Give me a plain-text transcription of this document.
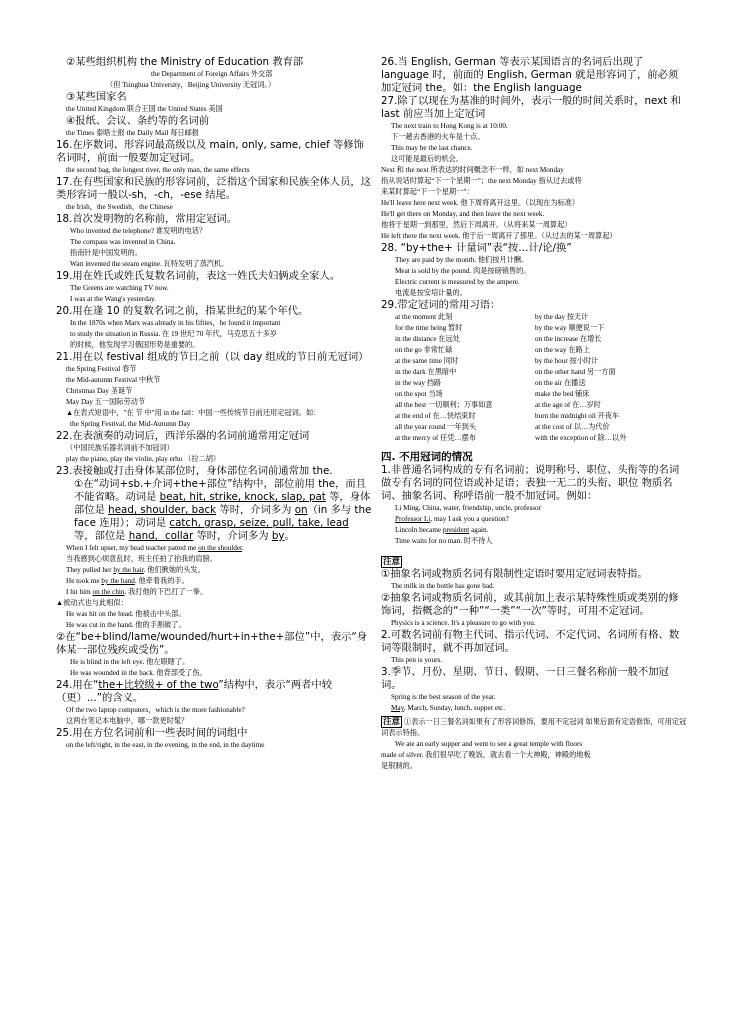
②某些组织机构 the Ministry of Education 教育部
the Department of Foreign Affairs 外交部
（但 Tsinghua University，Beijing University 无冠词。）
③某些国家名
the United Kingdom 联合王国 the United States 美国
④报纸、会议、条约等的名词前
the Times 泰晤士报 the Daily Mail 每日邮报
16.在序数词、形容词最高级以及 main, only, same, chief 等修饰名词时，前面一般要加定冠词。
the second bag, the longest river, the only man, the same effects
17.在有些国家和民族的形容词前，泛指这个国家和民族全体人员，这类形容词一般以-sh，-ch，-ese 结尾。
the Irish，the Swedish，the Chinese
18.首次发明物的名称前，常用定冠词。
Who invented the telephone? 谁发明的电话？
The compass was invented in China.
指南针是中国发明的。
Watt invented the steam engine. 瓦特发明了蒸汽机。
19.用在姓氏或姓氏复数名词前，表这一姓氏夫妇俩或全家人。
The Greens are watching TV now.
I was at the Wang's yesterday.
20.用在逢 10 的复数名词之前，指某世纪的某个年代。
In the 1870s when Marx was already in his fifties，he found it important
to study the situation in Russia. 在 19 世纪 70 年代，马克思五十多岁
的时候，他发现学习俄国形势是重要的。
21.用在以 festival 组成的节日之前（以 day 组成的节日前无冠词）
the Spring Festival 春节
the Mid-autumn Festival 中秋节
Christmas Day 圣诞节
May Day 五一国际劳动节
▲在表式短语中，"在 节 中"用 in the fall：中国一些传统节日前还用定冠词。如：
the Spring Festival, the Mid-Autumn Day
22.在表演奏的动词后，西洋乐器的名词前通常用定冠词
（中国民族乐器名词前不加冠词）
play the piano, play the violin, play erhu （拉二胡）
23.表接触或打击身体某部位时，身体部位名词前通常加 the.
①在“动词+sb.+介词+the+部位”结构中，部位前用 the，而且不能省略。动词是 beat, hit, strike, knock, slap, pat 等，身体部位是 head, shoulder, back 等时，介词多为 on（in 多与 the face 连用）；动词是 catch, grasp, seize, pull, take, lead 等，部位是 hand，collar 等时，介词多为 by。
When I felt upset, my head teacher patted me on the shoulder.
当我感到心烦意乱时，班主任拍了拍我的肩膀。
They pulled her by the hair. 他们揪她的头发。
He took me by the hand. 他牵着我的手。
I hit him on the chin. 我打他的下巴打了一拳。
▲被动式也与此相似：
He was hit on the head. 他被击中头部。
He was cut in the hand. 他的手割破了。
②在“be+blind/lame/wounded/hurt+in+the+部位”中，表示“身体某一部位残疾或受伤”。
He is blind in the left eye. 他左眼瞎了。
He was wounded in the back. 他背部受了伤。
24.用在“the+比较级+ of the two”结构中，表示“两者中较（更）...”的含义。
Of the two laptop computers，which is the more fashionable?
这两台笔记本电脑中，哪一款更时髦？
25.用在方位名词前和一些表时间的词组中
on the left/right, in the east, in the evening, in the end, in the daytime
26.当 English, German 等表示某国语言的名词后出现了 language 时，前面的 English, German 就是形容词了，前必须加定冠词 the。如：the English language
27.除了以现在为基准的时间外，表示一般的时间关系时，next 和 last 前应当加上定冠词
The next train to Hong Kong is at 10:00.
下一趟去香港的火车是十点。
This may be the last chance.
这可能是最后的机会。
Next 和 the next 所表达的时间概念不一样，如 next Monday
指从说话时算起“下一个星期一”；the next Monday 指从过去或将
来某时算起“下一个星期一”：
He'll leave here next week. 他下周将离开这里。（以现在为标准）
He'll get there on Monday, and then leave the next week.
他将于星期一到那里，然后下周离开。（从将来某一周算起）
He left there the next week. 他于后一周离开了那里。（从过去的某一周算起）
28. “by+the+ 计量词”表“按…计/论/换”
They are paid by the month. 他们按月计酬。
Meat is sold by the pound. 肉是按磅销售的。
Electric current is measured by the ampere.
电流是按安培计量的。
29.带定冠词的常用习语：
at the moment 此刻	by the day 按天计
for the time being 暂时	by the way 顺便说一下
in the distance 在远处	on the increase 在增长
on the go 非常忙碌	on the way 在路上
at the same time 同时	by the hour 按小时计
in the dark 在黑暗中	on the other hand 另一方面
in the way 挡路	on the air 在播送
on the spot 当场	make the bed 铺床
all the best 一切顺利；万事如意	at the age of 在…岁时
at the end of 在…快结束时	burn the midnight oil 开夜车
all the year round 一年到头	at the cost of 以…为代价
at the mercy of 任凭…摆布	with the exception of 除…以外
四. 不用冠词的情况
1.非普通名词构成的专有名词前；说明称号、职位、头衔等的名词做专有名词的同位语或补足语；表独一无二的头衔、职位 物质名词、抽象名词、称呼语前一般不加冠词。例如：
Li Ming, China, water, friendship, uncle, professor
Professor Li, may I ask you a question?
Lincoln became president again.
Time waits for no man. 时不待人
注意
①抽象名词或物质名词有限制性定语时要用定冠词表特指。
The milk in the bottle has gone bad.
②抽象名词或物质名词前，或其前加上表示某特殊性质或类别的修饰词，指概念的“一种”“一类”“一次”等时，可用不定冠词。
Physics is a science. It's a pleasure to go with you.
2.可数名词前有物主代词、指示代词、不定代词、名词所有格、数词等限制时，就不再加冠词。
This pen is yours.
3.季节、月份、星期、节日、假期、一日三餐名称前一般不加冠词。
Spring is the best season of the year.
May, March, Sunday, lunch, supper etc.
注意 ①表示一日三餐名词如果有了形容词修饰，要用不定冠词 如果后面有定语修饰，可用定冠词表示特指。
We ate an early supper and went to see a great temple with floors
made of silver. 我们很早吃了晚饭，就去看一个大神殿，神殿的地板
是银制的。
